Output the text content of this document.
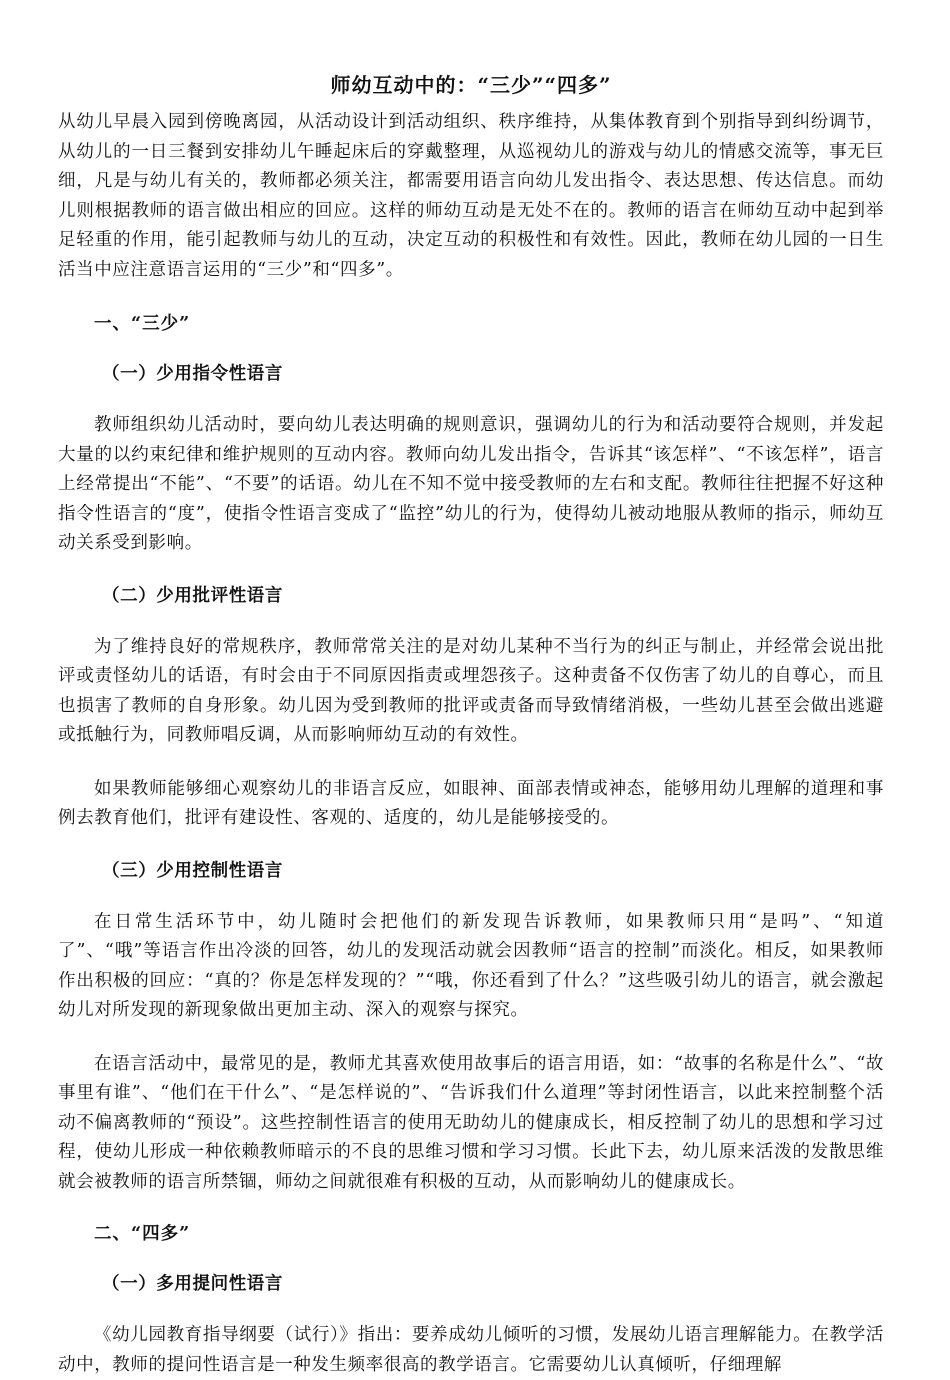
师幼互动中的：“三少”“四多”

从幼儿早晨入园到傍晚离园，从活动设计到活动组织、秩序维持，从集体教育到个别指导到纠纷调节，从幼儿的一日三餐到安排幼儿午睡起床后的穿戴整理，从巡视幼儿的游戏与幼儿的情感交流等，事无巨细，凡是与幼儿有关的，教师都必须关注，都需要用语言向幼儿发出指令、表达思想、传达信息。而幼儿则根据教师的语言做出相应的回应。这样的师幼互动是无处不在的。教师的语言在师幼互动中起到举足轻重的作用，能引起教师与幼儿的互动，决定互动的积极性和有效性。因此，教师在幼儿园的一日生活当中应注意语言运用的“三少”和“四多”。

一、“三少”
（一）少用指令性语言

教师组织幼儿活动时，要向幼儿表达明确的规则意识，强调幼儿的行为和活动要符合规则，并发起大量的以约束纪律和维护规则的互动内容。教师向幼儿发出指令，告诉其“该怎样”、“不该怎样”，语言上经常提出“不能”、“不要”的话语。幼儿在不知不觉中接受教师的左右和支配。教师往往把握不好这种指令性语言的“度”，使指令性语言变成了“监控”幼儿的行为，使得幼儿被动地服从教师的指示，师幼互动关系受到影响。

（二）少用批评性语言

为了维持良好的常规秩序，教师常常关注的是对幼儿某种不当行为的纠正与制止，并经常会说出批评或责怪幼儿的话语，有时会由于不同原因指责或埋怨孩子。这种责备不仅伤害了幼儿的自尊心，而且也损害了教师的自身形象。幼儿因为受到教师的批评或责备而导致情绪消极，一些幼儿甚至会做出逃避或抵触行为，同教师唱反调，从而影响师幼互动的有效性。

如果教师能够细心观察幼儿的非语言反应，如眼神、面部表情或神态，能够用幼儿理解的道理和事例去教育他们，批评有建设性、客观的、适度的，幼儿是能够接受的。

（三）少用控制性语言

在日常生活环节中，幼儿随时会把他们的新发现告诉教师，如果教师只用“是吗”、“知道了”、“哦”等语言作出冷淡的回答，幼儿的发现活动就会因教师“语言的控制”而淡化。相反，如果教师作出积极的回应：“真的？你是怎样发现的？”“哦，你还看到了什么？”这些吸引幼儿的语言，就会激起幼儿对所发现的新现象做出更加主动、深入的观察与探究。

在语言活动中，最常见的是，教师尤其喜欢使用故事后的语言用语，如：“故事的名称是什么”、“故事里有谁”、“他们在干什么”、“是怎样说的”、“告诉我们什么道理”等封闭性语言，以此来控制整个活动不偏离教师的“预设”。这些控制性语言的使用无助幼儿的健康成长，相反控制了幼儿的思想和学习过程，使幼儿形成一种依赖教师暗示的不良的思维习惯和学习习惯。长此下去，幼儿原来活泼的发散思维就会被教师的语言所禁锢，师幼之间就很难有积极的互动，从而影响幼儿的健康成长。

二、“四多”
（一）多用提问性语言

《幼儿园教育指导纲要（试行）》指出：要养成幼儿倾听的习惯，发展幼儿语言理解能力。在教学活动中，教师的提问性语言是一种发生频率很高的教学语言。它需要幼儿认真倾听，仔细理解
